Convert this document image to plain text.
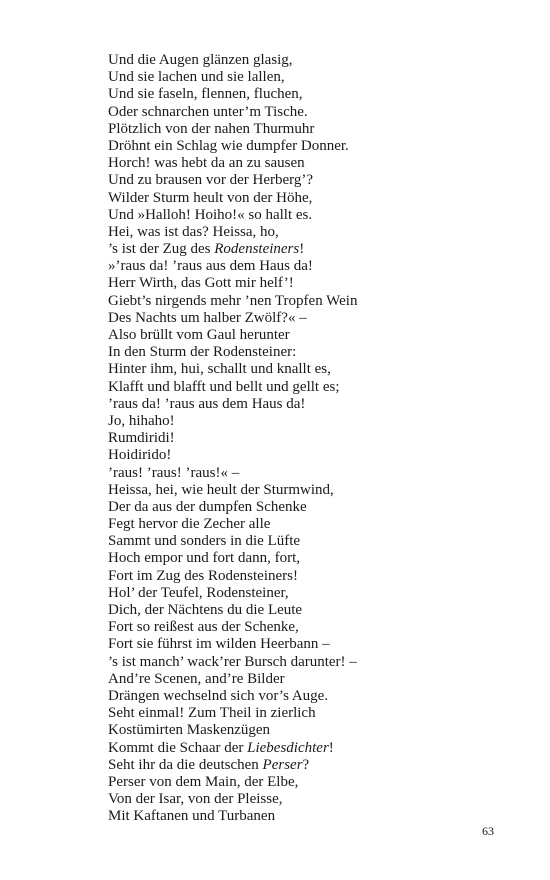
Und die Augen glänzen glasig,
Und sie lachen und sie lallen,
Und sie faseln, flennen, fluchen,
Oder schnarchen unter’m Tische.
Plötzlich von der nahen Thurmuhr
Dröhnt ein Schlag wie dumpfer Donner.
Horch! was hebt da an zu sausen
Und zu brausen vor der Herberg’?
Wilder Sturm heult von der Höhe,
Und »Halloh! Hoiho!« so hallt es.
Hei, was ist das? Heissa, ho,
’s ist der Zug des Rodensteiners!
»’raus da! ’raus aus dem Haus da!
Herr Wirth, das Gott mir helf’!
Giebt’s nirgends mehr ’nen Tropfen Wein
Des Nachts um halber Zwölf?« –
Also brüllt vom Gaul herunter
In den Sturm der Rodensteiner:
Hinter ihm, hui, schallt und knallt es,
Klafft und blafft und bellt und gellt es;
’raus da! ’raus aus dem Haus da!
Jo, hihaho!
Rumdiridi!
Hoidirido!
’raus! ’raus! ’raus!« –
Heissa, hei, wie heult der Sturmwind,
Der da aus der dumpfen Schenke
Fegt hervor die Zecher alle
Sammt und sonders in die Lüfte
Hoch empor und fort dann, fort,
Fort im Zug des Rodensteiners!
Hol’ der Teufel, Rodensteiner,
Dich, der Nächtens du die Leute
Fort so reißest aus der Schenke,
Fort sie führst im wilden Heerbann –
’s ist manch’ wack’rer Bursch darunter! –
And’re Scenen, and’re Bilder
Drängen wechselnd sich vor’s Auge.
Seht einmal! Zum Theil in zierlich
Kostümirten Maskenzügen
Kommt die Schaar der Liebesdichter!
Seht ihr da die deutschen Perser?
Perser von dem Main, der Elbe,
Von der Isar, von der Pleisse,
Mit Kaftanen und Turbanen
63
